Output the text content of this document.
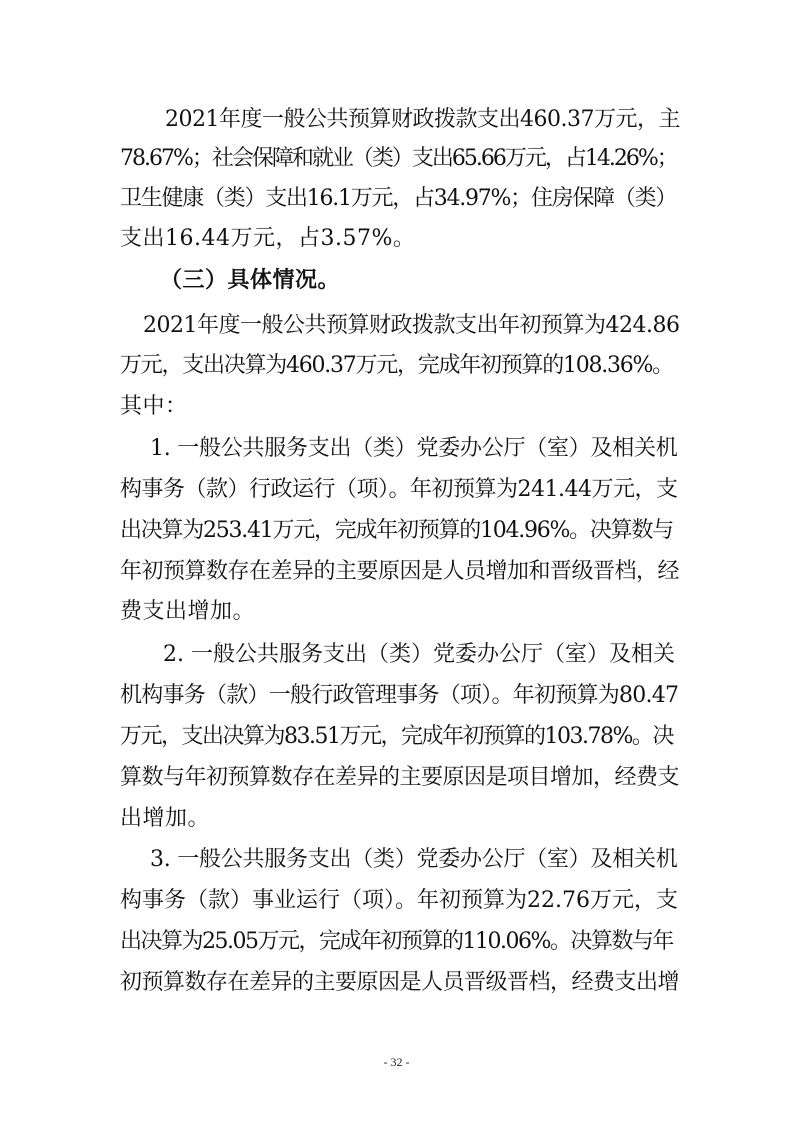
2021年度一般公共预算财政拨款支出460.37万元，主
78.67%；社会保障和就业（类）支出65.66万元，占14.26%；
卫生健康（类）支出16.1万元，占34.97%；住房保障（类）
支出16.44万元，占3.57%。
（三）具体情况。
2021年度一般公共预算财政拨款支出年初预算为424.86
万元，支出决算为460.37万元，完成年初预算的108.36%。
其中：
1. 一般公共服务支出（类）党委办公厅（室）及相关机
构事务（款）行政运行（项）。年初预算为241.44万元，支
出决算为253.41万元，完成年初预算的104.96%。决算数与
年初预算数存在差异的主要原因是人员增加和晋级晋档，经
费支出增加。
2. 一般公共服务支出（类）党委办公厅（室）及相关
机构事务（款）一般行政管理事务（项）。年初预算为80.47
万元，支出决算为83.51万元，完成年初预算的103.78%。决
算数与年初预算数存在差异的主要原因是项目增加，经费支
出增加。
3. 一般公共服务支出（类）党委办公厅（室）及相关机
构事务（款）事业运行（项）。年初预算为22.76万元，支
出决算为25.05万元，完成年初预算的110.06%。决算数与年
初预算数存在差异的主要原因是人员晋级晋档，经费支出增
- 32 -
